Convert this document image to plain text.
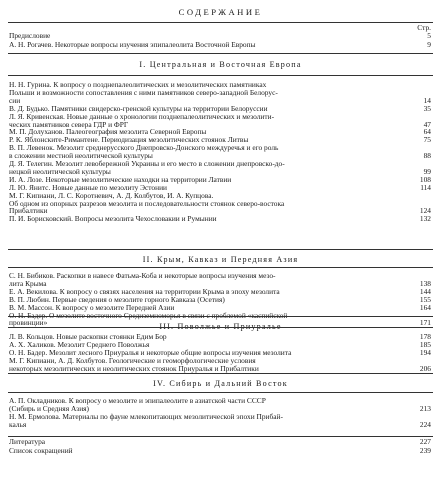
СОДЕРЖАНИЕ
Стр.
Предисловие	5
А. Н. Рогачев. Некоторые вопросы изучения эпипалеолита Восточной Европы	9
I. Центральная и Восточная Европа
Н. Н. Гурина. К вопросу о позднепалеолитических и мезолитических памятниках
Польши и возможности сопоставления с ними памятников северо-западной Белорус-
сии	14
В. Д. Будько. Памятники свидерско-гренской культуры на территории Белоруссии	35
Л. Я. Кривенская. Новые данные о хронологии позднепалеолитических и мезолити-
ческих памятников севера ГДР и ФРГ	47
М. П. Долуханов. Палеогеография мезолита Северной Европы	64
Р. К. Яблонските-Римантене. Периодизация мезолитических стоянок Литвы	75
В. П. Левенок. Мезолит среднерусского Днепровско-Донского междуречья и его роль
в сложении местной неолитической культуры	88
Д. Я. Телегин. Мезолит левобережной Украины и его место в сложении днепровско-до-
нецкой неолитической культуры	99
И. А. Лозе. Некоторые мезолитические находки на территории Латвии	108
Л. Ю. Янитс. Новые данные по мезолиту Эстонии	114
М. Г. Кипиани, Л. С. Коротневич, А. Д. Колбутов, И. А. Купцова.
Об одном из опорных разрезов мезолита и последовательности стоянок северо-востока
Прибалтики	124
П. И. Борисковский. Вопросы мезолита Чехословакии и Румынии	132
II. Крым, Кавказ и Передняя Азия
С. Н. Бибиков. Раскопки в навесе Фатьма-Коба и некоторые вопросы изучения мезо-
лита Крыма	138
Е. А. Векилова. К вопросу о связях населения на территории Крыма в эпоху мезолита	144
В. П. Любин. Первые сведения о мезолите горного Кавказа (Осетия)	155
В. М. Массон. К вопросу о мезолите Передней Азии	164
О. Н. Бадер. О мезолите восточного Средиземноморья в связи с проблемой «каспийской
провинции»	171
III. Поволжье и Приуралье
Л. В. Кольцов. Новые раскопки стоянки Едим Бор	178
А. Х. Халиков. Мезолит Среднего Поволжья	185
О. Н. Бадер. Мезолит лесного Приуралья и некоторые общие вопросы изучения мезолита	194
М. Г. Кипиани, А. Д. Колбутов. Геологические и геоморфологические условия
некоторых мезолитических и неолитических стоянок Приуралья и Прибалтики	206
IV. Сибирь и Дальний Восток
А. П. Окладников. К вопросу о мезолите и эпипалеолите в азиатской части СССР
(Сибирь и Средняя Азия)	213
Н. М. Ермолова. Материалы по фауне млекопитающих мезолитической эпохи Прибай-
калья	224
Литература	227
Список сокращений	239
